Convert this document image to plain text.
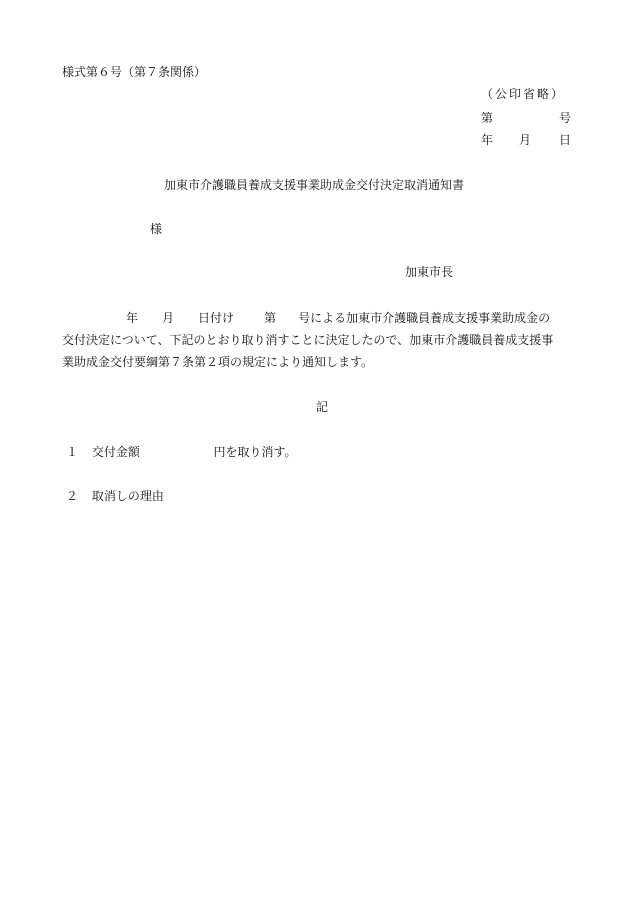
様式第６号（第７条関係）
（公印省略）
第	号
年 月 日
加東市介護職員養成支援事業助成金交付決定取消通知書
様
加東市長
年 月 日付け	第 号による加東市介護職員養成支援事業助成金の
交付決定について、下記のとおり取り消すことに決定したので、加東市介護職員養成支援事
業助成金交付要綱第７条第２項の規定により通知します。
記
１ 交付金額	円を取り消す。
２ 取消しの理由
